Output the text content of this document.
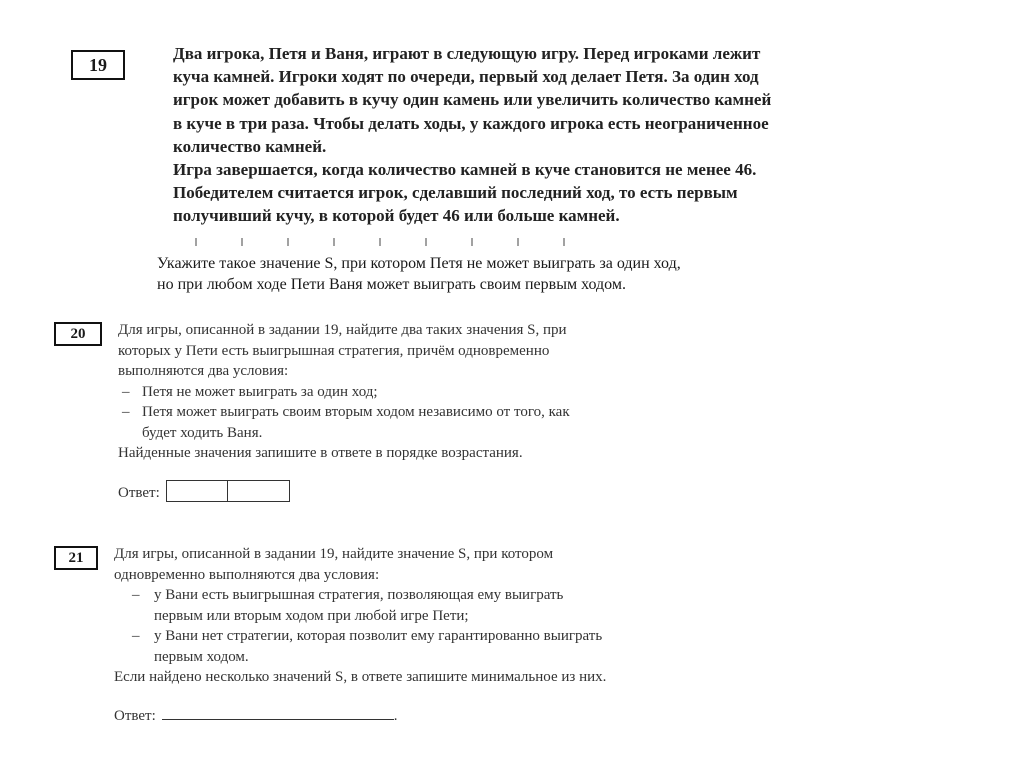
19
Два игрока, Петя и Ваня, играют в следующую игру. Перед игроками лежит
куча камней. Игроки ходят по очереди, первый ход делает Петя. За один ход
игрок может добавить в кучу один камень или увеличить количество камней
в куче в три раза. Чтобы делать ходы, у каждого игрока есть неограниченное
количество камней.
Игра завершается, когда количество камней в куче становится не менее 46.
Победителем считается игрок, сделавший последний ход, то есть первым
получивший кучу, в которой будет 46 или больше камней.
Укажите такое значение S, при котором Петя не может выиграть за один ход,
но при любом ходе Пети Ваня может выиграть своим первым ходом.
20	Для игры, описанной в задании 19, найдите два таких значения S, при
которых у Пети есть выигрышная стратегия, причём одновременно
выполняются два условия:
– Петя не может выиграть за один ход;
– Петя может выиграть своим вторым ходом независимо от того, как
будет ходить Ваня.
Найденные значения запишите в ответе в порядке возрастания.
Ответ:
21	Для игры, описанной в задании 19, найдите значение S, при котором
одновременно выполняются два условия:
– у Вани есть выигрышная стратегия, позволяющая ему выиграть
первым или вторым ходом при любой игре Пети;
– у Вани нет стратегии, которая позволит ему гарантированно выиграть
первым ходом.
Если найдено несколько значений S, в ответе запишите минимальное из них.
Ответ:	.
